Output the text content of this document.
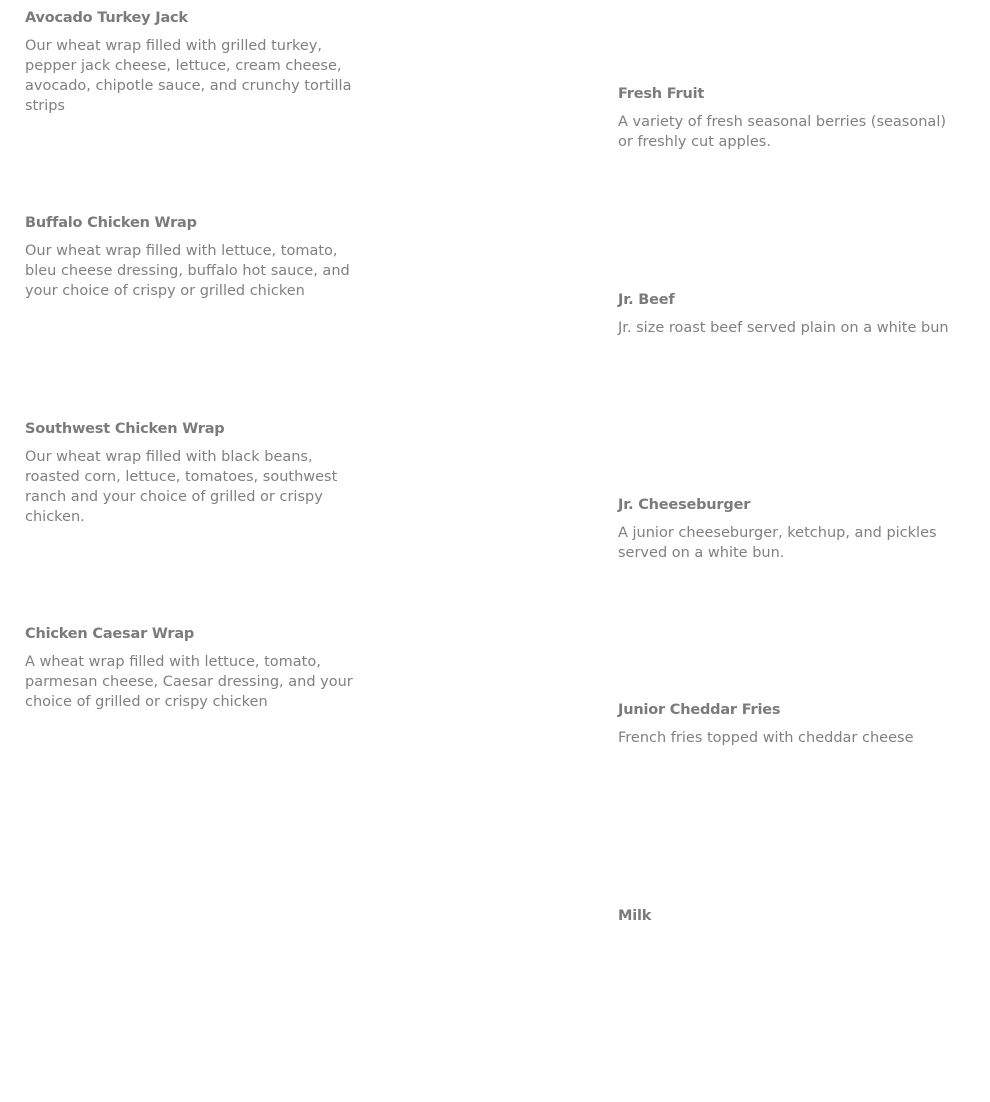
Avocado Turkey Jack

Our wheat wrap filled with grilled turkey, pepper jack cheese, lettuce, cream cheese, avocado, chipotle sauce, and crunchy tortilla strips

Buffalo Chicken Wrap

Our wheat wrap filled with lettuce, tomato, bleu cheese dressing, buffalo hot sauce, and your choice of crispy or grilled chicken

Southwest Chicken Wrap

Our wheat wrap filled with black beans, roasted corn, lettuce, tomatoes, southwest ranch and your choice of grilled or crispy chicken.

Chicken Caesar Wrap

A wheat wrap filled with lettuce, tomato, parmesan cheese, Caesar dressing, and your choice of grilled or crispy chicken

Fresh Fruit

A variety of fresh seasonal berries (seasonal) or freshly cut apples.

Jr. Beef

Jr. size roast beef served plain on a white bun

Jr. Cheeseburger

A junior cheeseburger, ketchup, and pickles served on a white bun.

Junior Cheddar Fries

French fries topped with cheddar cheese

Milk
